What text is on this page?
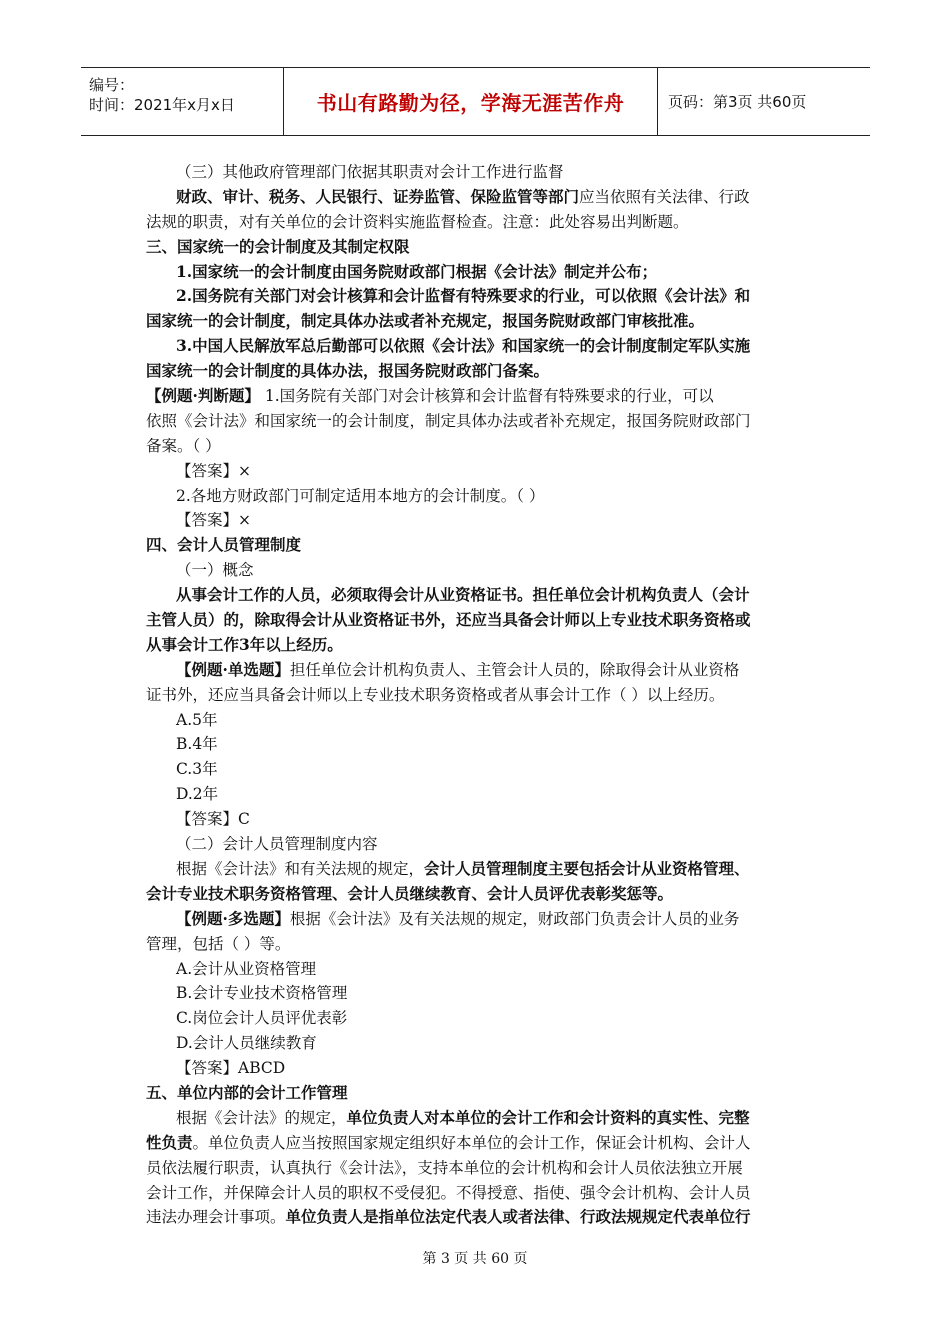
编号：
时间：2021年x月x日	书山有路勤为径，学海无涯苦作舟	页码：第3页 共60页
（三）其他政府管理部门依据其职责对会计工作进行监督
财政、审计、税务、人民银行、证券监管、保险监管等部门应当依照有关法律、行政
法规的职责，对有关单位的会计资料实施监督检查。注意：此处容易出判断题。
三、国家统一的会计制度及其制定权限
1.国家统一的会计制度由国务院财政部门根据《会计法》制定并公布；
2.国务院有关部门对会计核算和会计监督有特殊要求的行业，可以依照《会计法》和
国家统一的会计制度，制定具体办法或者补充规定，报国务院财政部门审核批准。
3.中国人民解放军总后勤部可以依照《会计法》和国家统一的会计制度制定军队实施
国家统一的会计制度的具体办法，报国务院财政部门备案。
【例题·判断题】 1.国务院有关部门对会计核算和会计监督有特殊要求的行业，可以
依照《会计法》和国家统一的会计制度，制定具体办法或者补充规定，报国务院财政部门
备案。（ ）
【答案】×
2.各地方财政部门可制定适用本地方的会计制度。（ ）
【答案】×
四、会计人员管理制度
（一）概念
从事会计工作的人员，必须取得会计从业资格证书。担任单位会计机构负责人（会计
主管人员）的，除取得会计从业资格证书外，还应当具备会计师以上专业技术职务资格或
从事会计工作3年以上经历。
【例题·单选题】担任单位会计机构负责人、主管会计人员的，除取得会计从业资格
证书外，还应当具备会计师以上专业技术职务资格或者从事会计工作（ ）以上经历。
A.5年
B.4年
C.3年
D.2年
【答案】C
（二）会计人员管理制度内容
根据《会计法》和有关法规的规定，会计人员管理制度主要包括会计从业资格管理、
会计专业技术职务资格管理、会计人员继续教育、会计人员评优表彰奖惩等。
【例题·多选题】根据《会计法》及有关法规的规定，财政部门负责会计人员的业务
管理，包括（ ）等。
A.会计从业资格管理
B.会计专业技术资格管理
C.岗位会计人员评优表彰
D.会计人员继续教育
【答案】ABCD
五、单位内部的会计工作管理
根据《会计法》的规定，单位负责人对本单位的会计工作和会计资料的真实性、完整
性负责。单位负责人应当按照国家规定组织好本单位的会计工作，保证会计机构、会计人
员依法履行职责，认真执行《会计法》，支持本单位的会计机构和会计人员依法独立开展
会计工作，并保障会计人员的职权不受侵犯。不得授意、指使、强令会计机构、会计人员
违法办理会计事项。单位负责人是指单位法定代表人或者法律、行政法规规定代表单位行
第 3 页 共 60 页
